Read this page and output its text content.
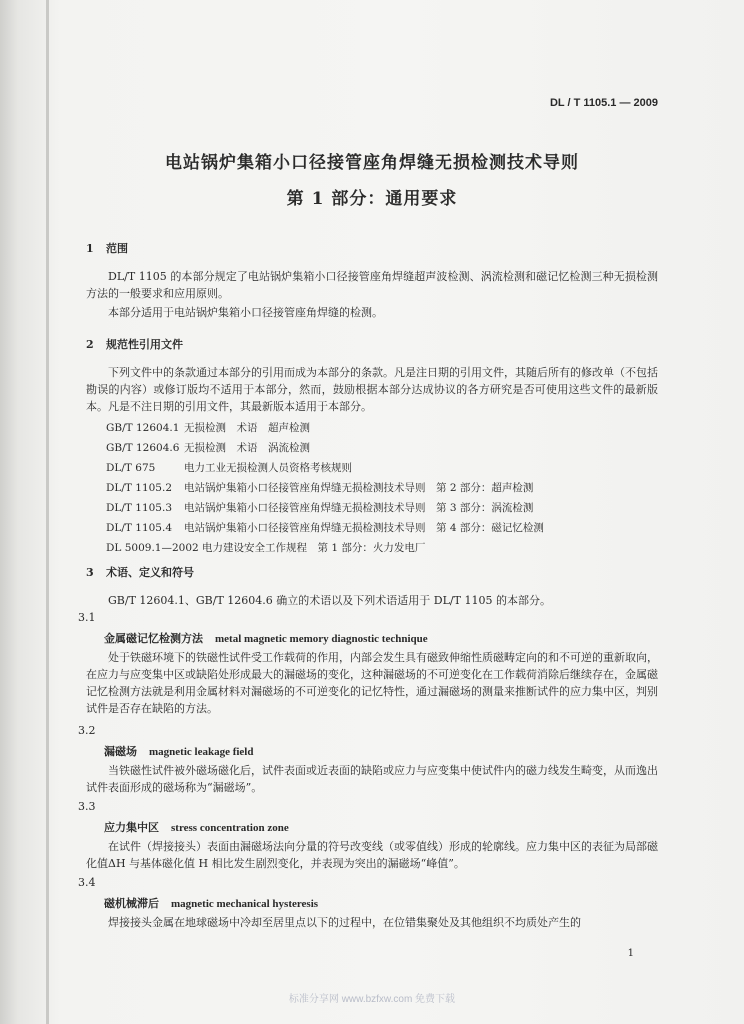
DL / T 1105.1 — 2009
电站锅炉集箱小口径接管座角焊缝无损检测技术导则
第 1 部分：通用要求
1 范围
DL/T 1105 的本部分规定了电站锅炉集箱小口径接管座角焊缝超声波检测、涡流检测和磁记忆检测三种无损检测方法的一般要求和应用原则。
本部分适用于电站锅炉集箱小口径接管座角焊缝的检测。
2 规范性引用文件
下列文件中的条款通过本部分的引用而成为本部分的条款。凡是注日期的引用文件，其随后所有的修改单（不包括勘误的内容）或修订版均不适用于本部分，然而，鼓励根据本部分达成协议的各方研究是否可使用这些文件的最新版本。凡是不注日期的引用文件，其最新版本适用于本部分。
GB/T 12604.1 无损检测　术语　超声检测
GB/T 12604.6 无损检测　术语　涡流检测
DL/T 675	电力工业无损检测人员资格考核规则
DL/T 1105.2 电站锅炉集箱小口径接管座角焊缝无损检测技术导则　第 2 部分：超声检测
DL/T 1105.3 电站锅炉集箱小口径接管座角焊缝无损检测技术导则　第 3 部分：涡流检测
DL/T 1105.4 电站锅炉集箱小口径接管座角焊缝无损检测技术导则　第 4 部分：磁记忆检测
DL 5009.1—2002 电力建设安全工作规程　第 1 部分：火力发电厂
3 术语、定义和符号
GB/T 12604.1、GB/T 12604.6 确立的术语以及下列术语适用于 DL/T 1105 的本部分。
3.1
金属磁记忆检测方法 metal magnetic memory diagnostic technique
处于铁磁环境下的铁磁性试件受工作载荷的作用，内部会发生具有磁致伸缩性质磁畴定向的和不可逆的重新取向，在应力与应变集中区或缺陷处形成最大的漏磁场的变化，这种漏磁场的不可逆变化在工作载荷消除后继续存在，金属磁记忆检测方法就是利用金属材料对漏磁场的不可逆变化的记忆特性，通过漏磁场的测量来推断试件的应力集中区，判别试件是否存在缺陷的方法。
3.2
漏磁场 magnetic leakage field
当铁磁性试件被外磁场磁化后，试件表面或近表面的缺陷或应力与应变集中使试件内的磁力线发生畸变，从而逸出试件表面形成的磁场称为“漏磁场”。
3.3
应力集中区 stress concentration zone
在试件（焊接接头）表面由漏磁场法向分量的符号改变线（或零值线）形成的轮廓线。应力集中区的表征为局部磁化值ΔH 与基体磁化值 H 相比发生剧烈变化，并表现为突出的漏磁场“峰值”。
3.4
磁机械滞后 magnetic mechanical hysteresis
焊接接头金属在地球磁场中冷却至居里点以下的过程中，在位错集聚处及其他组织不均质处产生的
1
标准分享网 www.bzfxw.com 免费下载
